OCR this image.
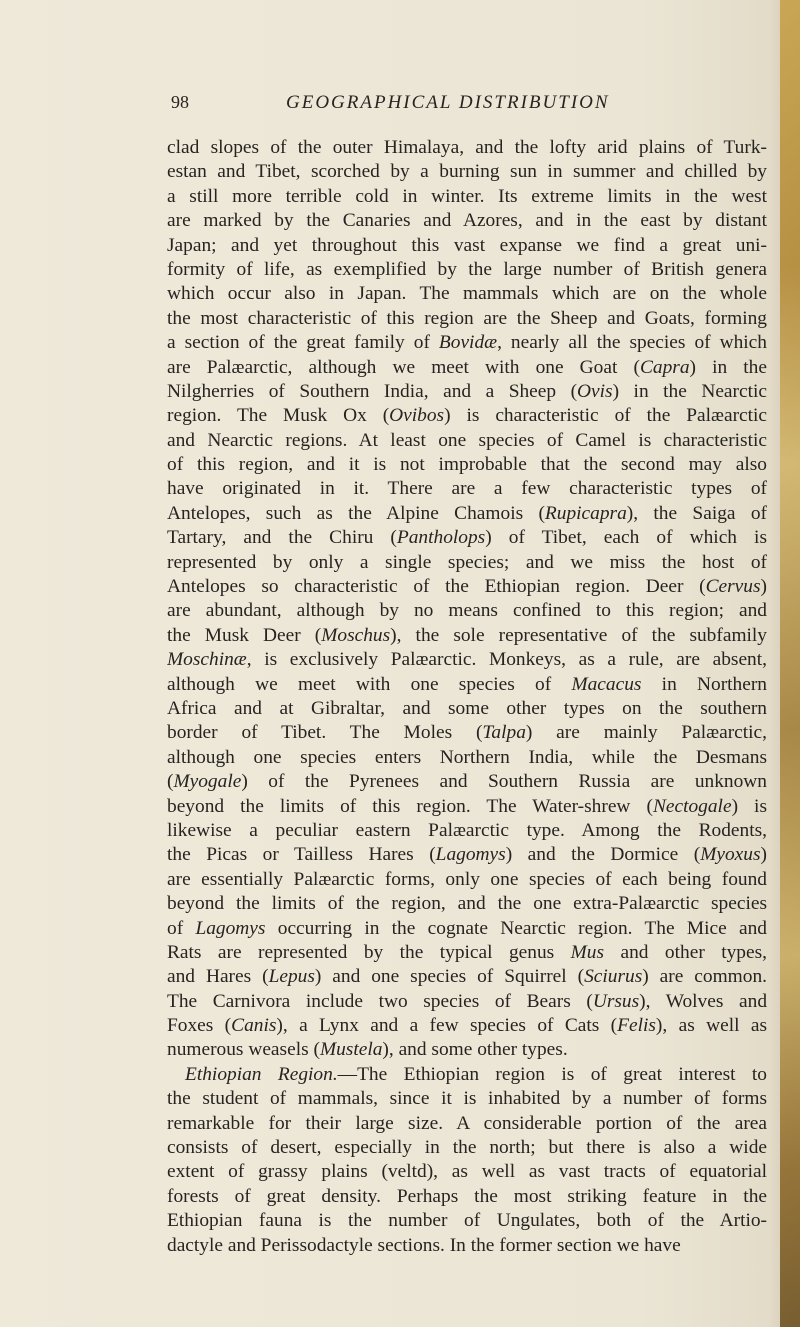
98	GEOGRAPHICAL DISTRIBUTION
clad slopes of the outer Himalaya, and the lofty arid plains of Turk-
estan and Tibet, scorched by a burning sun in summer and chilled by
a still more terrible cold in winter. Its extreme limits in the west
are marked by the Canaries and Azores, and in the east by distant
Japan; and yet throughout this vast expanse we find a great uni-
formity of life, as exemplified by the large number of British genera
which occur also in Japan. The mammals which are on the whole
the most characteristic of this region are the Sheep and Goats, forming
a section of the great family of Bovidæ, nearly all the species of which
are Palæarctic, although we meet with one Goat (Capra) in the
Nilgherries of Southern India, and a Sheep (Ovis) in the Nearctic
region. The Musk Ox (Ovibos) is characteristic of the Palæarctic
and Nearctic regions. At least one species of Camel is characteristic
of this region, and it is not improbable that the second may also
have originated in it. There are a few characteristic types of
Antelopes, such as the Alpine Chamois (Rupicapra), the Saiga of
Tartary, and the Chiru (Pantholops) of Tibet, each of which is
represented by only a single species; and we miss the host of
Antelopes so characteristic of the Ethiopian region. Deer (Cervus)
are abundant, although by no means confined to this region; and
the Musk Deer (Moschus), the sole representative of the subfamily
Moschinæ, is exclusively Palæarctic. Monkeys, as a rule, are absent,
although we meet with one species of Macacus in Northern
Africa and at Gibraltar, and some other types on the southern
border of Tibet. The Moles (Talpa) are mainly Palæarctic,
although one species enters Northern India, while the Desmans
(Myogale) of the Pyrenees and Southern Russia are unknown
beyond the limits of this region. The Water-shrew (Nectogale) is
likewise a peculiar eastern Palæarctic type. Among the Rodents,
the Picas or Tailless Hares (Lagomys) and the Dormice (Myoxus)
are essentially Palæarctic forms, only one species of each being found
beyond the limits of the region, and the one extra-Palæarctic species
of Lagomys occurring in the cognate Nearctic region. The Mice and
Rats are represented by the typical genus Mus and other types,
and Hares (Lepus) and one species of Squirrel (Sciurus) are common.
The Carnivora include two species of Bears (Ursus), Wolves and
Foxes (Canis), a Lynx and a few species of Cats (Felis), as well as
numerous weasels (Mustela), and some other types.
Ethiopian Region.—The Ethiopian region is of great interest to
the student of mammals, since it is inhabited by a number of forms
remarkable for their large size. A considerable portion of the area
consists of desert, especially in the north; but there is also a wide
extent of grassy plains (veltd), as well as vast tracts of equatorial
forests of great density. Perhaps the most striking feature in the
Ethiopian fauna is the number of Ungulates, both of the Artio-
dactyle and Perissodactyle sections. In the former section we have
